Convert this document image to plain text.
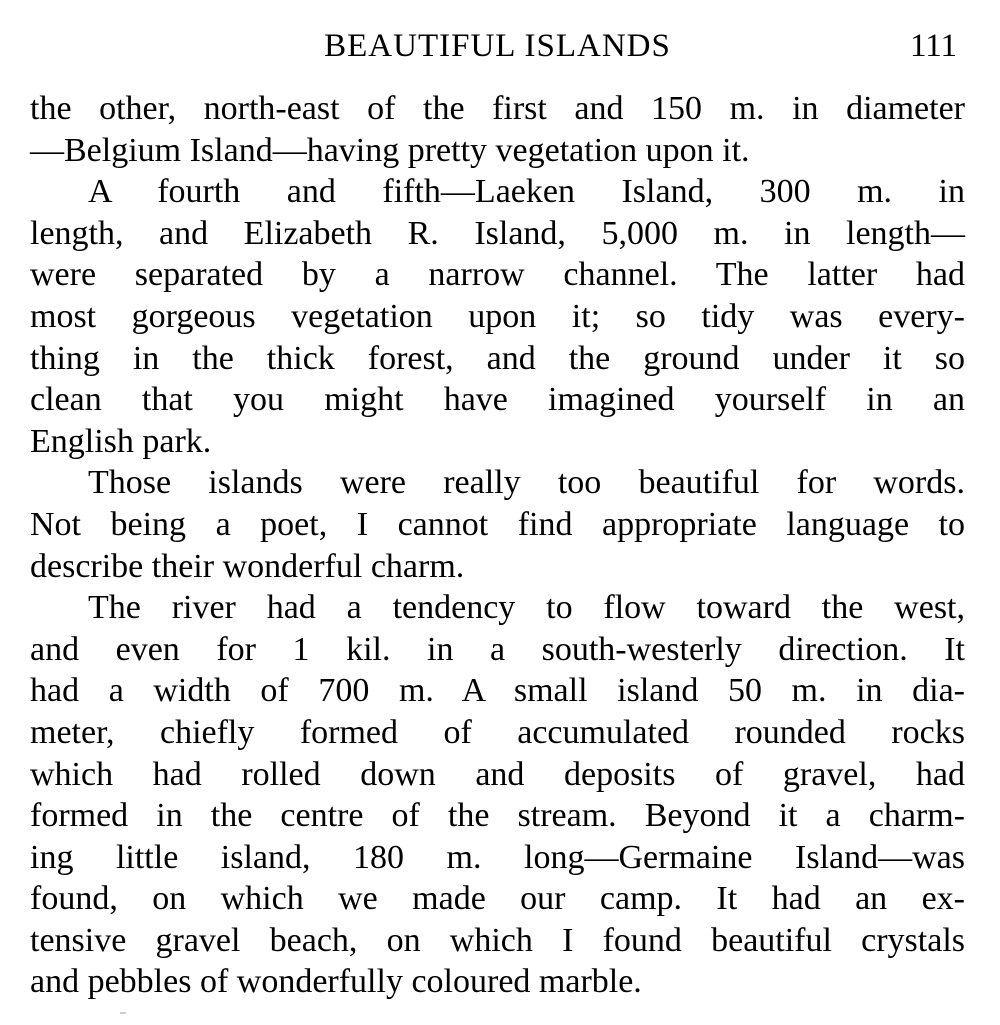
BEAUTIFUL ISLANDS	111

the other, north-east of the first and 150 m. in diameter
—Belgium Island—having pretty vegetation upon it.

A fourth and fifth—Laeken Island, 300 m. in
length, and Elizabeth R. Island, 5,000 m. in length—
were separated by a narrow channel. The latter had
most gorgeous vegetation upon it; so tidy was every-
thing in the thick forest, and the ground under it so
clean that you might have imagined yourself in an
English park.

Those islands were really too beautiful for words.
Not being a poet, I cannot find appropriate language to
describe their wonderful charm.

The river had a tendency to flow toward the west,
and even for 1 kil. in a south-westerly direction. It
had a width of 700 m. A small island 50 m. in dia-
meter, chiefly formed of accumulated rounded rocks
which had rolled down and deposits of gravel, had
formed in the centre of the stream. Beyond it a charm-
ing little island, 180 m. long—Germaine Island—was
found, on which we made our camp. It had an ex-
tensive gravel beach, on which I found beautiful crystals
and pebbles of wonderfully coloured marble.
